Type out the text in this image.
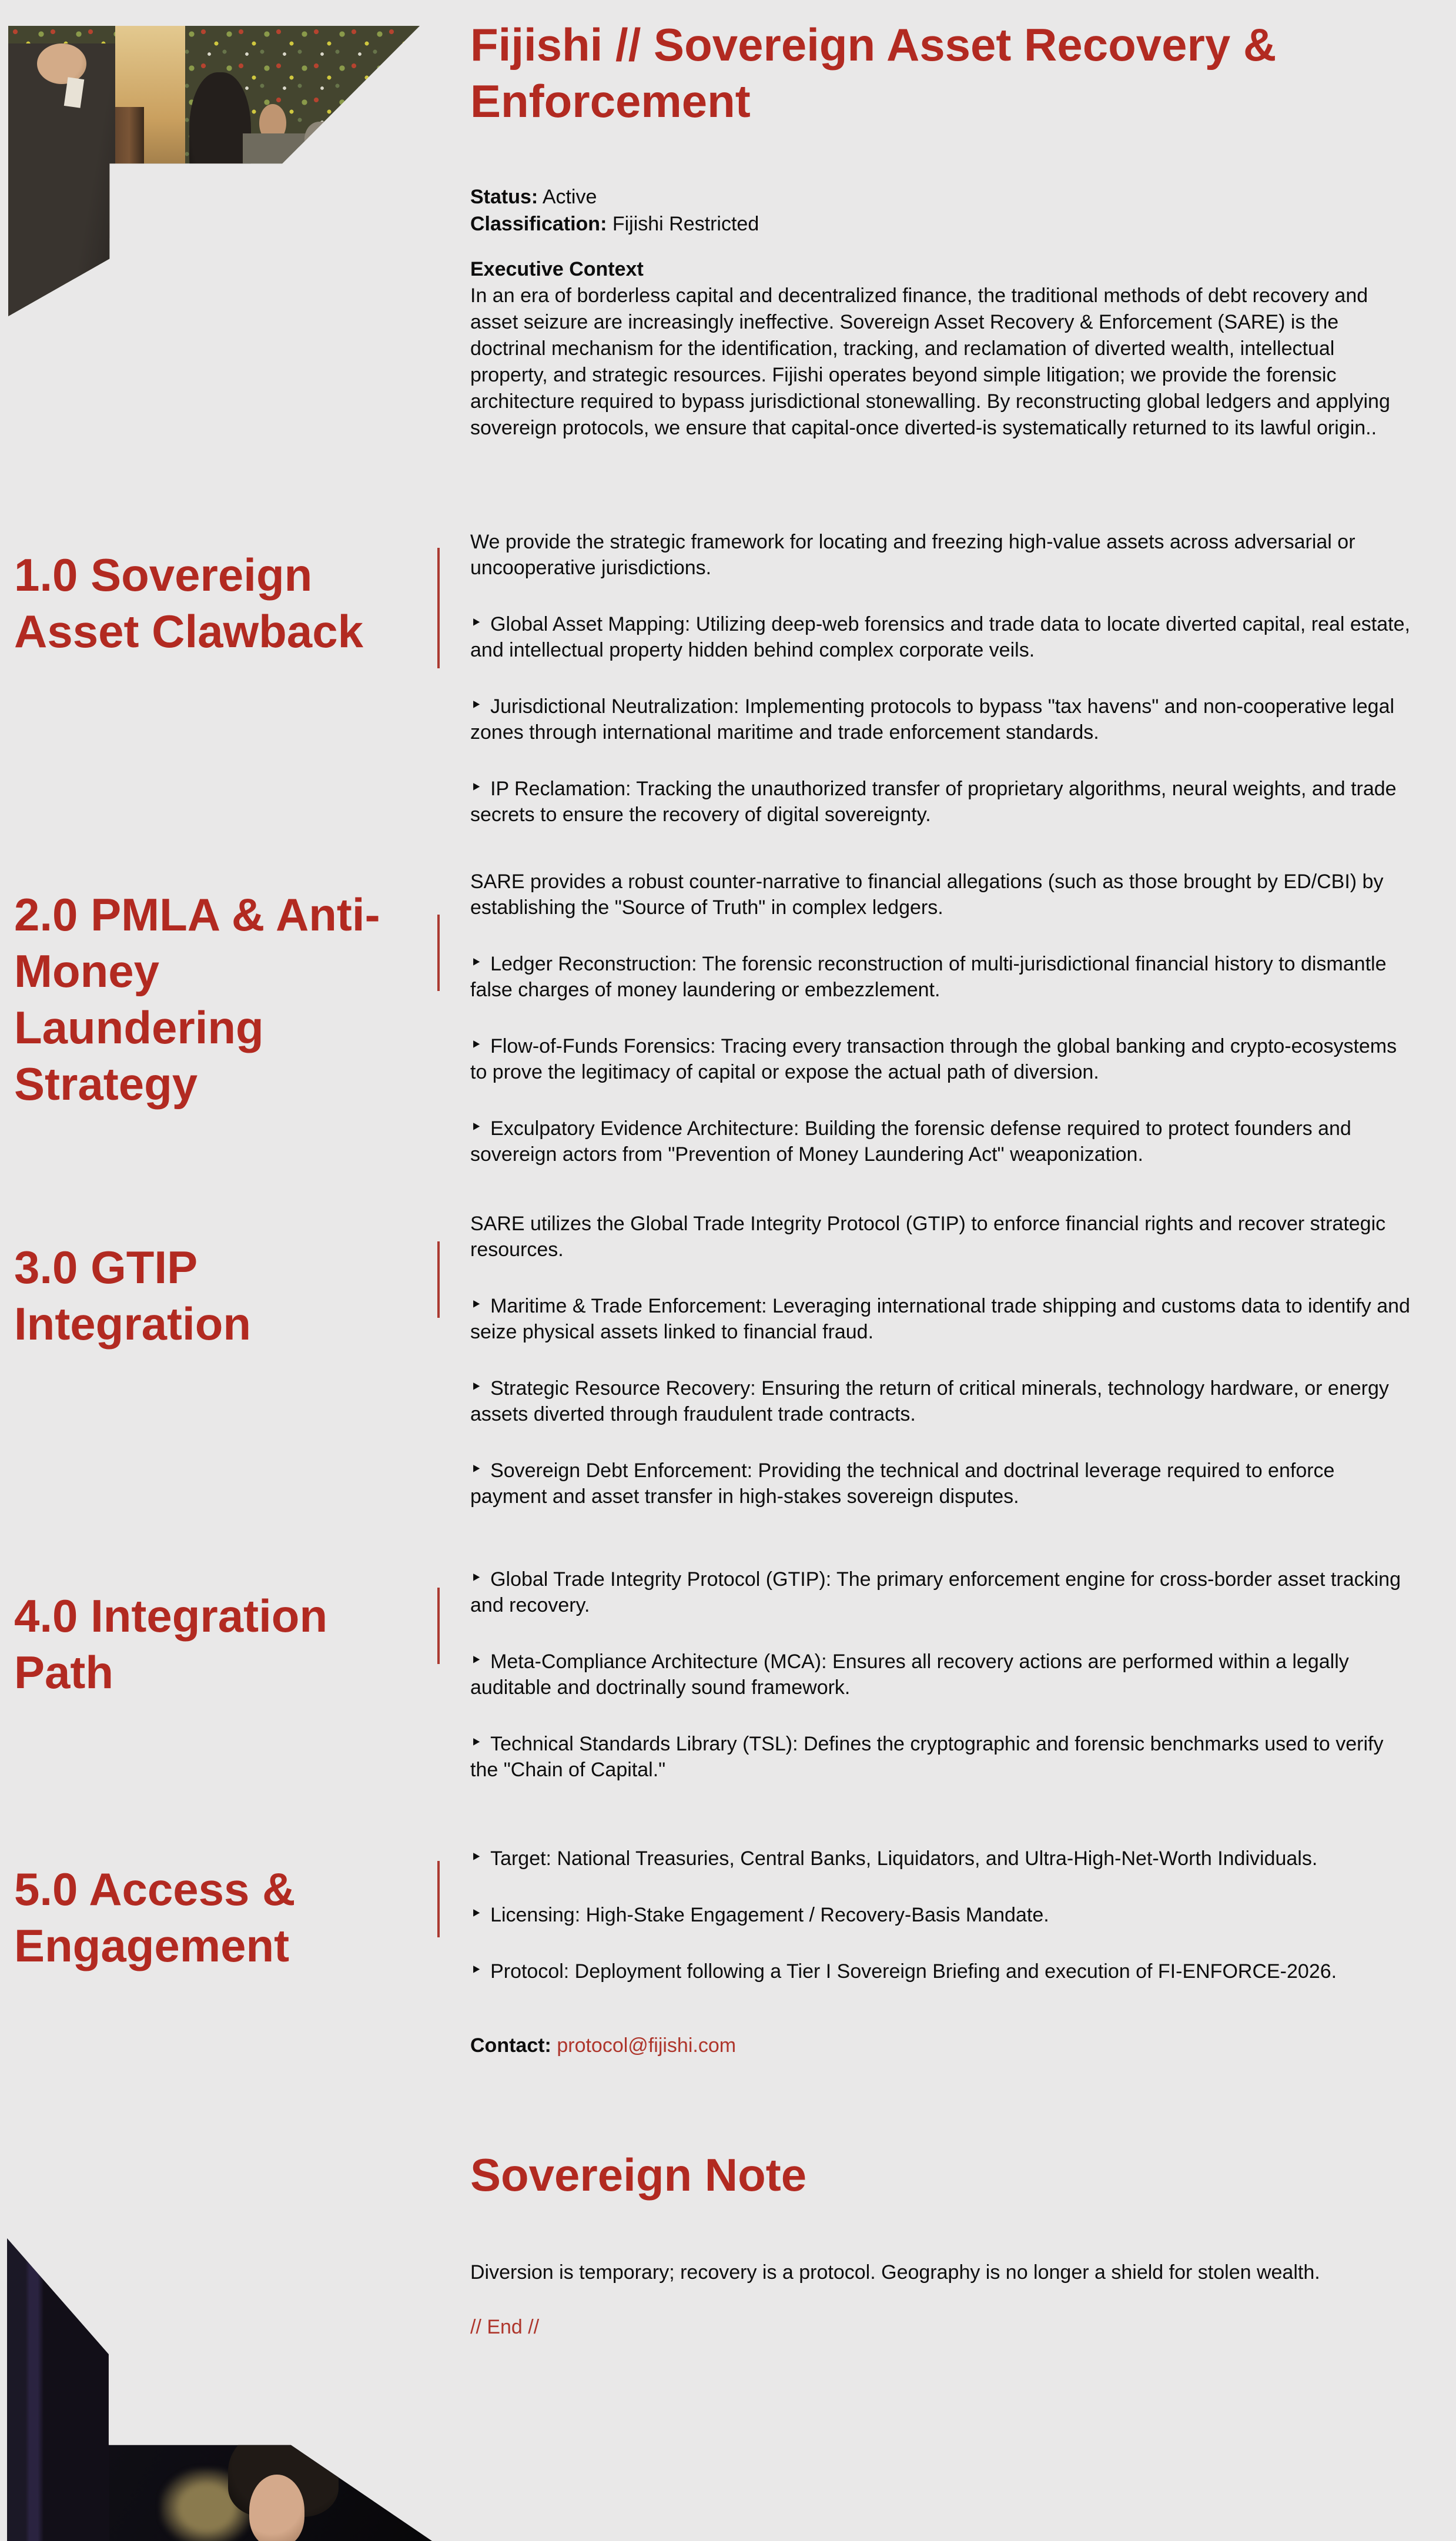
Fijishi // Sovereign Asset Recovery & Enforcement
Status: Active
Classification: Fijishi Restricted
Executive Context

In an era of borderless capital and decentralized finance, the traditional methods of debt recovery and asset seizure are increasingly ineffective. Sovereign Asset Recovery & Enforcement (SARE) is the doctrinal mechanism for the identification, tracking, and reclamation of diverted wealth, intellectual property, and strategic resources. Fijishi operates beyond simple litigation; we provide the forensic architecture required to bypass jurisdictional stonewalling. By reconstructing global ledgers and applying sovereign protocols, we ensure that capital-once diverted-is systematically returned to its lawful origin..

1.0 Sovereign Asset Clawback

We provide the strategic framework for locating and freezing high-value assets across adversarial or uncooperative jurisdictions.

‣ Global Asset Mapping: Utilizing deep-web forensics and trade data to locate diverted capital, real estate, and intellectual property hidden behind complex corporate veils.

‣ Jurisdictional Neutralization: Implementing protocols to bypass "tax havens" and non-cooperative legal zones through international maritime and trade enforcement standards.

‣ IP Reclamation: Tracking the unauthorized transfer of proprietary algorithms, neural weights, and trade secrets to ensure the recovery of digital sovereignty.

2.0 PMLA & Anti-Money Laundering Strategy

SARE provides a robust counter-narrative to financial allegations (such as those brought by ED/CBI) by establishing the "Source of Truth" in complex ledgers.

‣ Ledger Reconstruction: The forensic reconstruction of multi-jurisdictional financial history to dismantle false charges of money laundering or embezzlement.

‣ Flow-of-Funds Forensics: Tracing every transaction through the global banking and crypto-ecosystems to prove the legitimacy of capital or expose the actual path of diversion.

‣ Exculpatory Evidence Architecture: Building the forensic defense required to protect founders and sovereign actors from "Prevention of Money Laundering Act" weaponization.

3.0 GTIP Integration

SARE utilizes the Global Trade Integrity Protocol (GTIP) to enforce financial rights and recover strategic resources.

‣ Maritime & Trade Enforcement: Leveraging international trade shipping and customs data to identify and seize physical assets linked to financial fraud.

‣ Strategic Resource Recovery: Ensuring the return of critical minerals, technology hardware, or energy assets diverted through fraudulent trade contracts.

‣ Sovereign Debt Enforcement: Providing the technical and doctrinal leverage required to enforce payment and asset transfer in high-stakes sovereign disputes.

4.0 Integration Path

‣ Global Trade Integrity Protocol (GTIP): The primary enforcement engine for cross-border asset tracking and recovery.

‣ Meta-Compliance Architecture (MCA): Ensures all recovery actions are performed within a legally auditable and doctrinally sound framework.

‣ Technical Standards Library (TSL): Defines the cryptographic and forensic benchmarks used to verify the "Chain of Capital."

5.0 Access & Engagement

‣ Target: National Treasuries, Central Banks, Liquidators, and Ultra-High-Net-Worth Individuals.

‣ Licensing: High-Stake Engagement / Recovery-Basis Mandate.

‣ Protocol: Deployment following a Tier I Sovereign Briefing and execution of FI-ENFORCE-2026.

Contact: protocol@fijishi.com

Sovereign Note

Diversion is temporary; recovery is a protocol. Geography is no longer a shield for stolen wealth.

// End //
